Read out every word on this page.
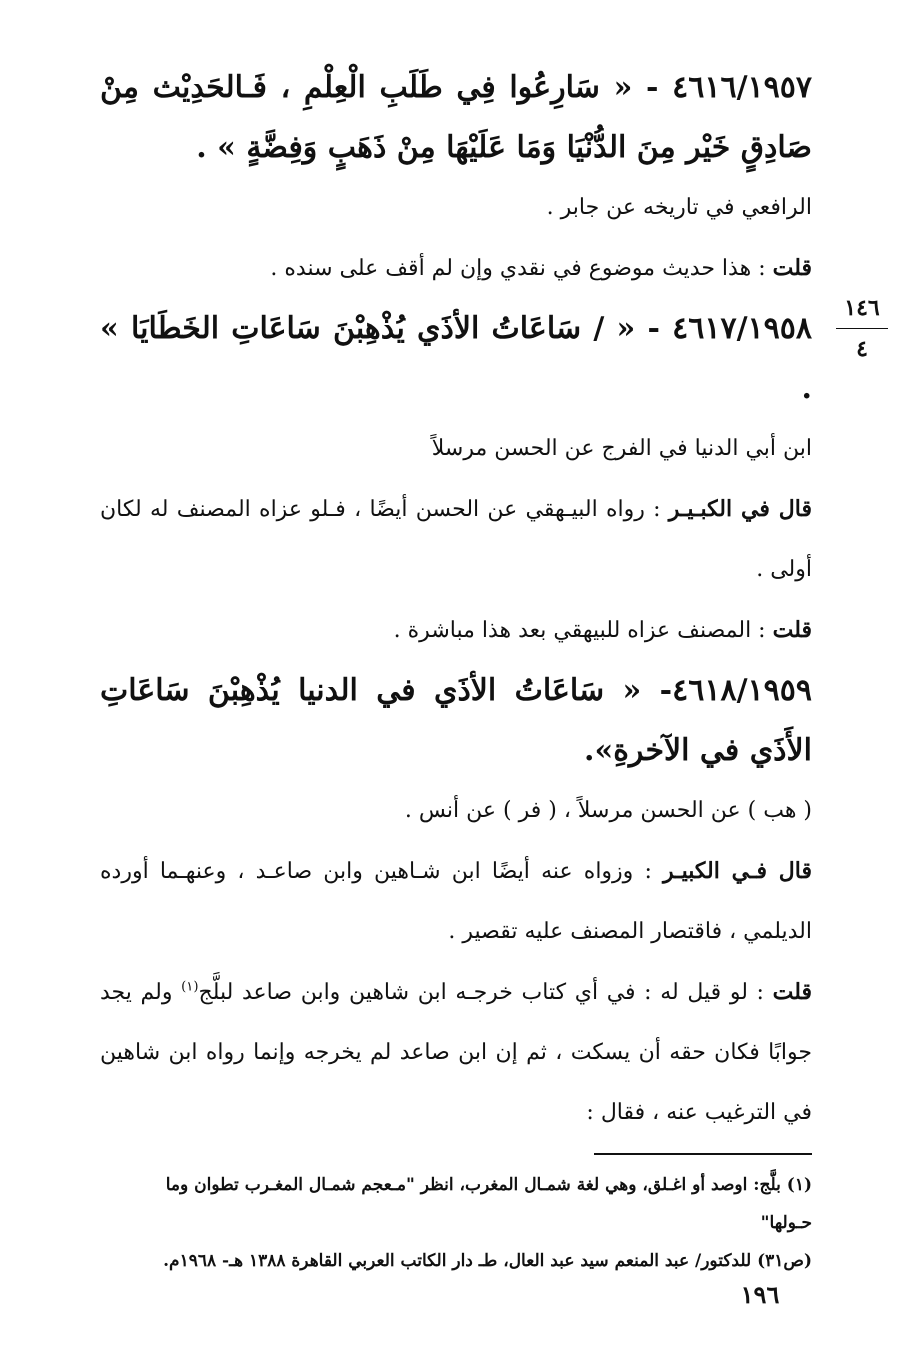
١٤٦
٤

٤٦١٦/١٩٥٧ - « سَارِعُوا فِي طَلَبِ الْعِلْمِ ، فَـالحَدِيْث مِنْ صَادِقٍ خَيْر مِنَ الدُّنْيَا وَمَا عَلَيْهَا مِنْ ذَهَبٍ وَفِضَّةٍ » .

الرافعي في تاريخه عن جابر .

قلت : هذا حديث موضوع في نقدي وإن لم أقف على سنده .

٤٦١٧/١٩٥٨ - « / سَاعَاتُ الأذَي يُذْهِبْنَ سَاعَاتِ الخَطَايَا » .

ابن أبي الدنيا في الفرج عن الحسن مرسلاً

قال في الكبـيـر : رواه البيـهقي عن الحسن أيضًا ، فـلو عزاه المصنف له لكان أولى .

قلت : المصنف عزاه للبيهقي بعد هذا مباشرة .

٤٦١٨/١٩٥٩- « سَاعَاتُ الأذَي في الدنيا يُذْهِبْنَ سَاعَاتِ الأَذَي في الآخرةِ».

( هب ) عن الحسن مرسلاً ، ( فر ) عن أنس .

قال فـي الكبيـر : وزواه عنه أيضًا ابن شـاهين وابن صاعـد ، وعنهـما أورده الديلمي ، فاقتصار المصنف عليه تقصير .

قلت : لو قيل له : في أي كتاب خرجـه ابن شاهين وابن صاعد لبلَّج$^{(١)}$ ولم يجد جوابًا فكان حقه أن يسكت ، ثم إن ابن صاعد لم يخرجه وإنما رواه ابن شاهين في الترغيب عنه ، فقال :

(١) بلَّج: اوصد أو اغـلق، وهي لغة شمـال المغرب، انظر "مـعجم شمـال المغـرب تطوان وما حـولها"

(ص٣١) للدكتور/ عبد المنعم سيد عبد العال، طـ دار الكاتب العربي القاهرة ١٣٨٨ هـ- ١٩٦٨م.

١٩٦
